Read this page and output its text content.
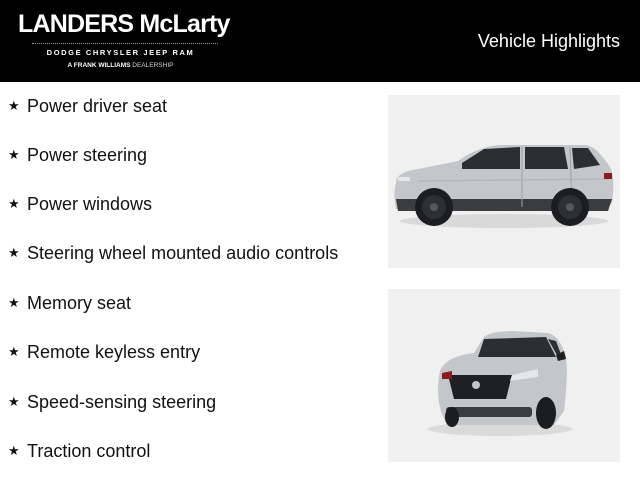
LANDERS McLarty
DODGE CHRYSLER JEEP RAM
A FRANK WILLIAMS DEALERSHIP
Vehicle Highlights
★ Power driver seat
★ Power steering
★ Power windows
★ Steering wheel mounted audio controls
★ Memory seat
★ Remote keyless entry
★ Speed-sensing steering
★ Traction control
